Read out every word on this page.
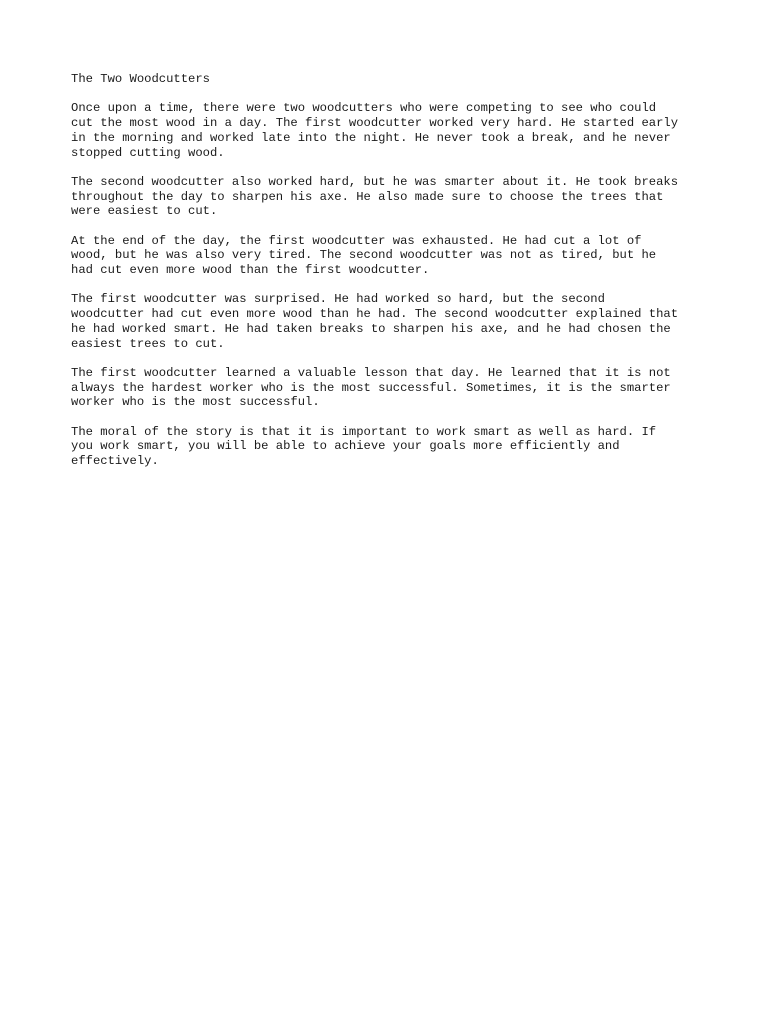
The Two Woodcutters
Once upon a time, there were two woodcutters who were competing to see who could
cut the most wood in a day. The first woodcutter worked very hard. He started early
in the morning and worked late into the night. He never took a break, and he never
stopped cutting wood.
The second woodcutter also worked hard, but he was smarter about it. He took breaks
throughout the day to sharpen his axe. He also made sure to choose the trees that
were easiest to cut.
At the end of the day, the first woodcutter was exhausted. He had cut a lot of
wood, but he was also very tired. The second woodcutter was not as tired, but he
had cut even more wood than the first woodcutter.
The first woodcutter was surprised. He had worked so hard, but the second
woodcutter had cut even more wood than he had. The second woodcutter explained that
he had worked smart. He had taken breaks to sharpen his axe, and he had chosen the
easiest trees to cut.
The first woodcutter learned a valuable lesson that day. He learned that it is not
always the hardest worker who is the most successful. Sometimes, it is the smarter
worker who is the most successful.
The moral of the story is that it is important to work smart as well as hard. If
you work smart, you will be able to achieve your goals more efficiently and
effectively.
